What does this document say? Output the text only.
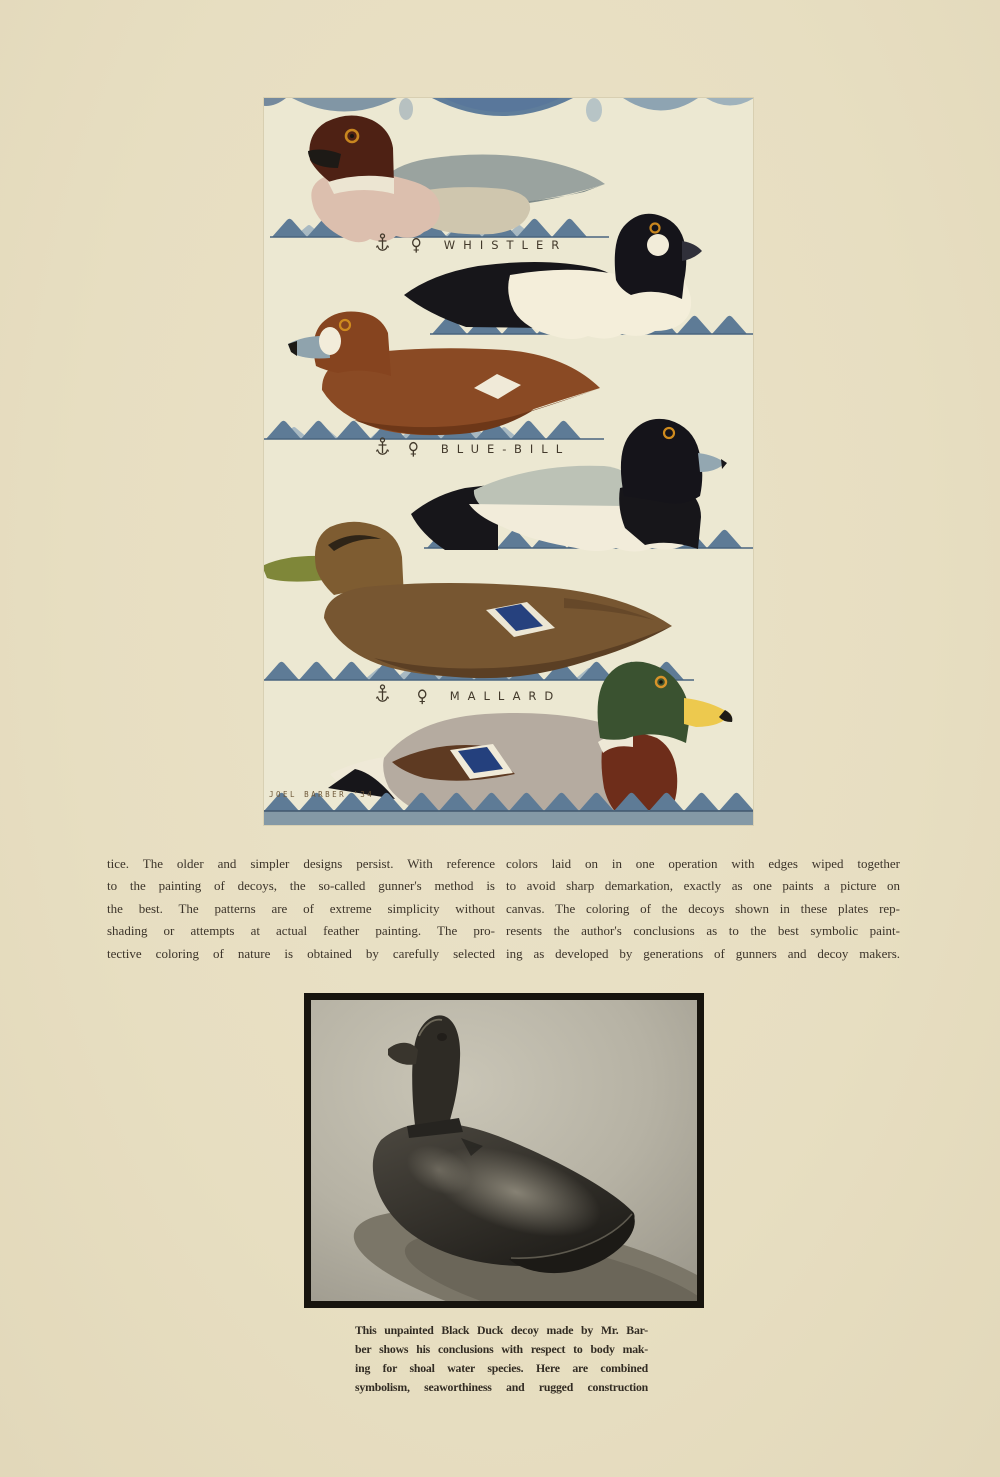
♀	WHISTLER
♀	BLUE-BILL
♀	MALLARD
JOEL BARBER '34
tice. The older and simpler designs persist. With reference
to the painting of decoys, the so-called gunner's method is
the best. The patterns are of extreme simplicity without
shading or attempts at actual feather painting. The pro-
tective coloring of nature is obtained by carefully selected
colors laid on in one operation with edges wiped together
to avoid sharp demarkation, exactly as one paints a picture on
canvas. The coloring of the decoys shown in these plates rep-
resents the author's conclusions as to the best symbolic paint-
ing as developed by generations of gunners and decoy makers.
This unpainted Black Duck decoy made by Mr. Bar-
ber shows his conclusions with respect to body mak-
ing for shoal water species. Here are combined
symbolism, seaworthiness and rugged construction
